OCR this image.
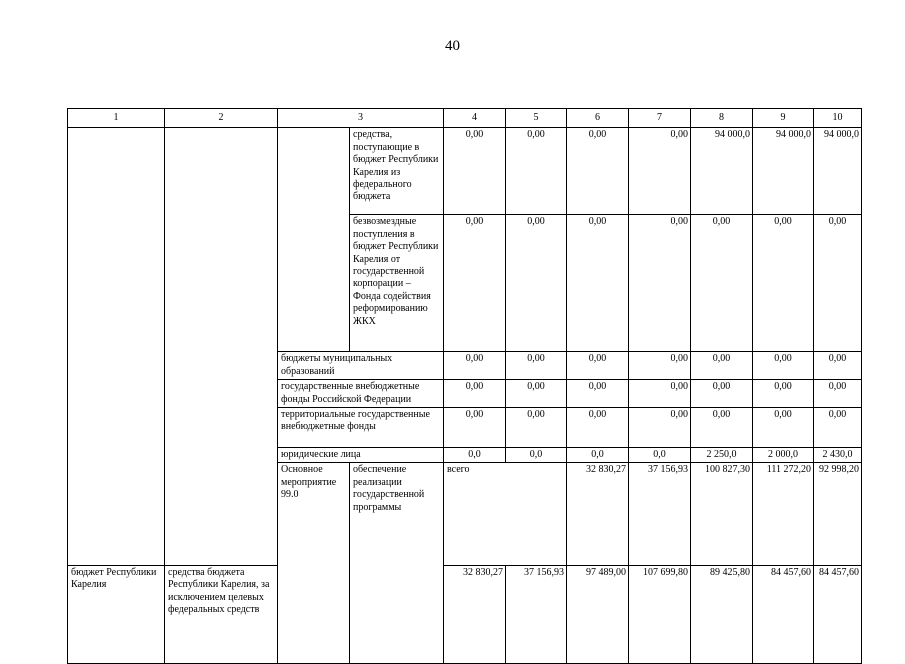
40
1	2	3		4	5	6	7	8	9	10	
			средства, поступающие в бюджет Республики Карелия из федерального бюджета	0,00	0,00	0,00	0,00	94 000,0	94 000,0	94 000,0	
			безвозмездные поступления в бюджет Республики Карелия от государственной корпорации – Фонда содействия реформированию ЖКХ	0,00	0,00	0,00	0,00	0,00	0,00	0,00	
		бюджеты муниципальных образований		0,00	0,00	0,00	0,00	0,00	0,00	0,00	
		государственные внебюджетные фонды Российской Федерации		0,00	0,00	0,00	0,00	0,00	0,00	0,00	
		территориальные государственные внебюджетные фонды		0,00	0,00	0,00	0,00	0,00	0,00	0,00	
		юридические лица		0,0	0,0	0,0	0,0	2 250,0	2 000,0	2 430,0	
		Основное мероприятие 99.0	обеспечение реализации государственной программы	всего		32 830,27	37 156,93	100 827,30	111 272,20	92 998,20		
бюджет Республики Карелия	средства бюджета Республики Карелия, за исключением целевых федеральных средств			32 830,27	37 156,93	97 489,00	107 699,80	89 425,80	84 457,60	84 457,60	
